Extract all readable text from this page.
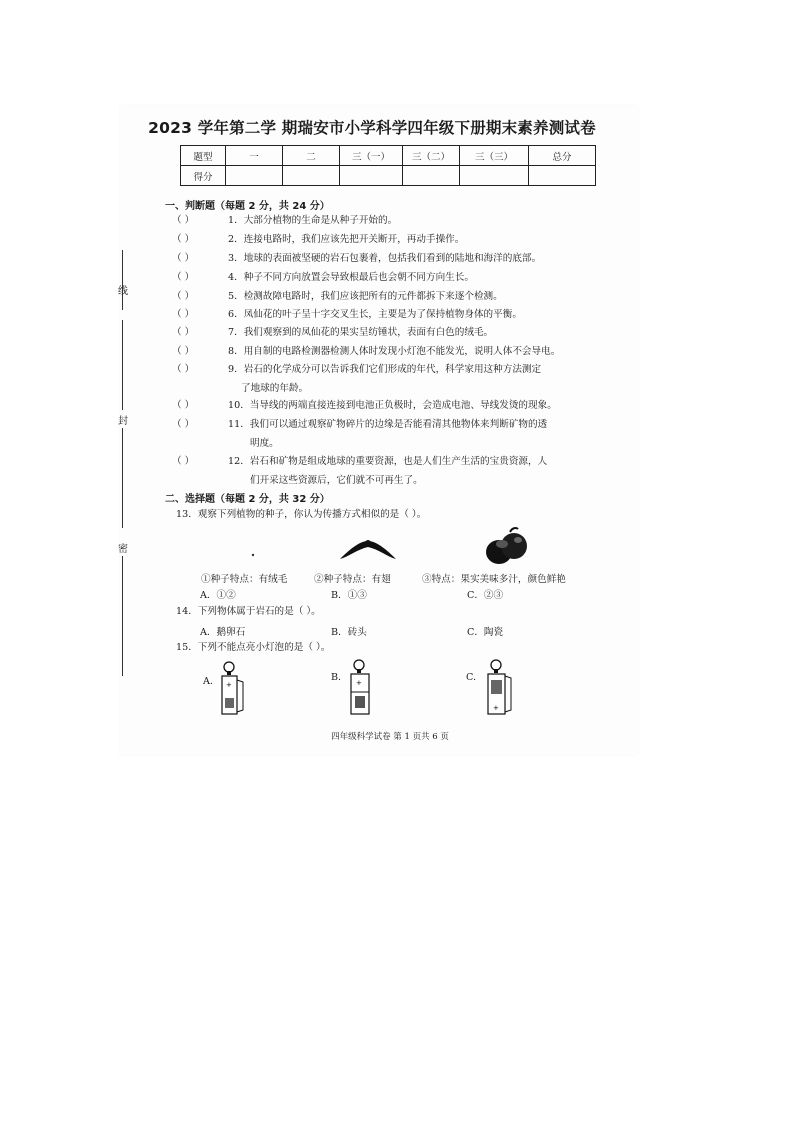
线
封
密
2023 学年第二学 期瑞安市小学科学四年级下册期末素养测试卷
题型	一	二	三（一）	三（二）	三（三）	总分
得分						
一、判断题（每题 2 分，共 24 分）
（ ）	1．大部分植物的生命是从种子开始的。
（ ）	2．连接电路时，我们应该先把开关断开，再动手操作。
（ ）	3．地球的表面被坚硬的岩石包裹着，包括我们看到的陆地和海洋的底部。
（ ）	4．种子不同方向放置会导致根最后也会朝不同方向生长。
（ ）	5．检测故障电路时，我们应该把所有的元件都拆下来逐个检测。
（ ）	6．凤仙花的叶子呈十字交叉生长，主要是为了保持植物身体的平衡。
（ ）	7．我们观察到的凤仙花的果实呈纺锤状，表面有白色的绒毛。
（ ）	8．用自制的电路检测器检测人体时发现小灯泡不能发光，说明人体不会导电。
（ ）	9．岩石的化学成分可以告诉我们它们形成的年代，科学家用这种方法测定
了地球的年龄。
（ ）	10．当导线的两端直接连接到电池正负极时，会造成电池、导线发烫的现象。
（ ）	11．我们可以通过观察矿物碎片的边缘是否能看清其他物体来判断矿物的透
明度。
（ ）	12．岩石和矿物是组成地球的重要资源，也是人们生产生活的宝贵资源，人
们开采这些资源后，它们就不可再生了。
二、选择题（每题 2 分，共 32 分）
13．观察下列植物的种子，你认为传播方式相似的是（ ）。
①种子特点：有绒毛	②种子特点：有翅	③特点：果实美味多汁，颜色鲜艳
A．①②	B．①③	C．②③
14．下列物体属于岩石的是（ ）。
A．鹅卵石	B．砖头	C．陶瓷
15．下列不能点亮小灯泡的是（ ）。
A. +
B. +	C.
+
四年级科学试卷 第 1 页共 6 页
